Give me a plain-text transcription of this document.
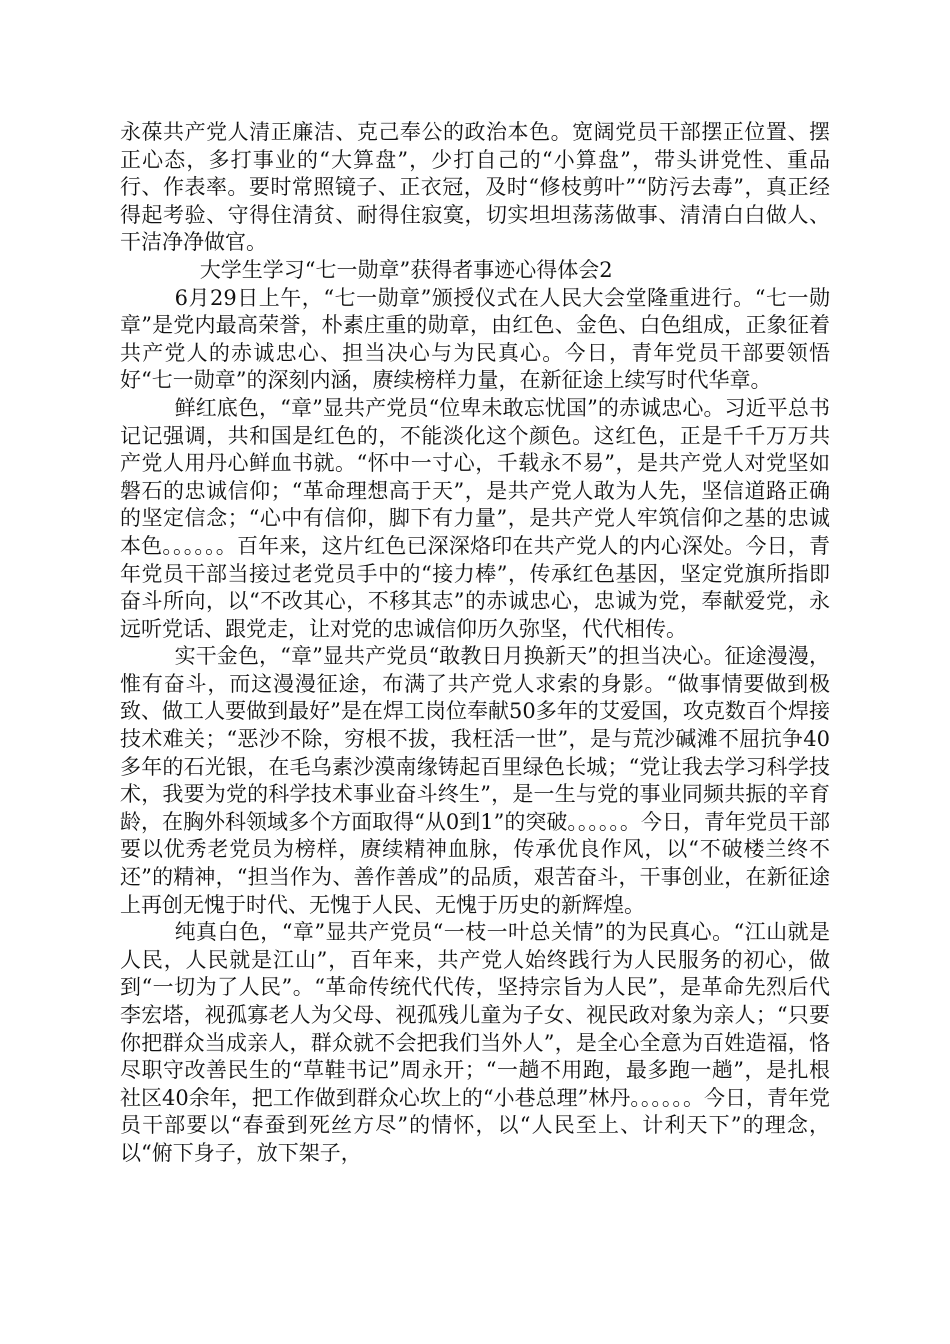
永葆共产党人清正廉洁、克己奉公的政治本色。宽阔党员干部摆正位置、摆正心态，多打事业的“大算盘”，少打自己的“小算盘”，带头讲党性、重品行、作表率。要时常照镜子、正衣冠，及时“修枝剪叶”“防污去毒”，真正经得起考验、守得住清贫、耐得住寂寞，切实坦坦荡荡做事、清清白白做人、干洁净净做官。

大学生学习“七一勋章”获得者事迹心得体会2

6月29日上午，“七一勋章”颁授仪式在人民大会堂隆重进行。“七一勋章”是党内最高荣誉，朴素庄重的勋章，由红色、金色、白色组成，正象征着共产党人的赤诚忠心、担当决心与为民真心。今日，青年党员干部要领悟好“七一勋章”的深刻内涵，赓续榜样力量，在新征途上续写时代华章。

鲜红底色，“章”显共产党员“位卑未敢忘忧国”的赤诚忠心。习近平总书记记强调，共和国是红色的，不能淡化这个颜色。这红色，正是千千万万共产党人用丹心鲜血书就。“怀中一寸心，千载永不易”，是共产党人对党坚如磐石的忠诚信仰；“革命理想高于天”，是共产党人敢为人先，坚信道路正确的坚定信念；“心中有信仰，脚下有力量”，是共产党人牢筑信仰之基的忠诚本色。。。。。。百年来，这片红色已深深烙印在共产党人的内心深处。今日，青年党员干部当接过老党员手中的“接力棒”，传承红色基因，坚定党旗所指即奋斗所向，以“不改其心，不移其志”的赤诚忠心，忠诚为党，奉献爱党，永远听党话、跟党走，让对党的忠诚信仰历久弥坚，代代相传。

实干金色，“章”显共产党员“敢教日月换新天”的担当决心。征途漫漫，惟有奋斗，而这漫漫征途，布满了共产党人求索的身影。“做事情要做到极致、做工人要做到最好”是在焊工岗位奉献50多年的艾爱国，攻克数百个焊接技术难关；“恶沙不除，穷根不拔，我枉活一世”，是与荒沙碱滩不屈抗争40多年的石光银，在毛乌素沙漠南缘铸起百里绿色长城；“党让我去学习科学技术，我要为党的科学技术事业奋斗终生”，是一生与党的事业同频共振的辛育龄，在胸外科领域多个方面取得“从0到1”的突破。。。。。。今日，青年党员干部要以优秀老党员为榜样，赓续精神血脉，传承优良作风，以“不破楼兰终不还”的精神，“担当作为、善作善成”的品质，艰苦奋斗，干事创业，在新征途上再创无愧于时代、无愧于人民、无愧于历史的新辉煌。

纯真白色，“章”显共产党员“一枝一叶总关情”的为民真心。“江山就是人民，人民就是江山”，百年来，共产党人始终践行为人民服务的初心，做到“一切为了人民”。“革命传统代代传，坚持宗旨为人民”，是革命先烈后代李宏塔，视孤寡老人为父母、视孤残儿童为子女、视民政对象为亲人；“只要你把群众当成亲人，群众就不会把我们当外人”，是全心全意为百姓造福，恪尽职守改善民生的“草鞋书记”周永开；“一趟不用跑，最多跑一趟”，是扎根社区40余年，把工作做到群众心坎上的“小巷总理”林丹。。。。。。今日，青年党员干部要以“春蚕到死丝方尽”的情怀，以“人民至上、计利天下”的理念，以“俯下身子，放下架子，
